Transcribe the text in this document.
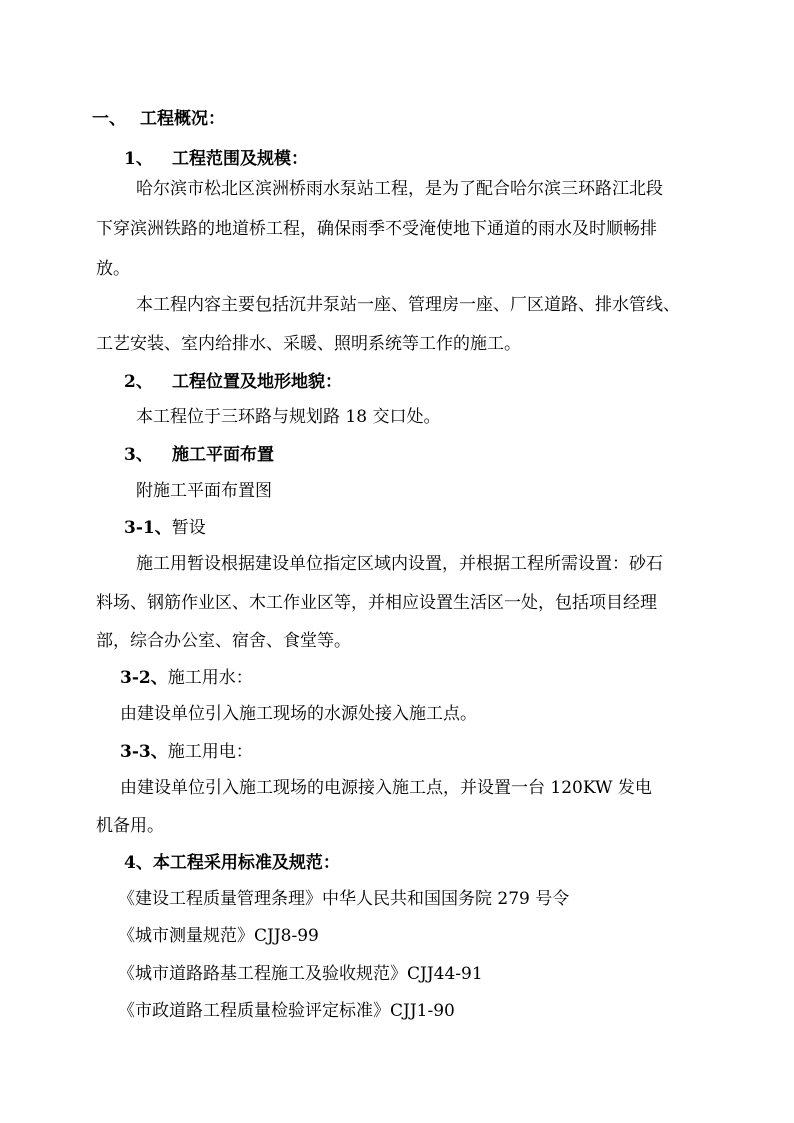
一、 工程概况：
1、 工程范围及规模：
哈尔滨市松北区滨洲桥雨水泵站工程，是为了配合哈尔滨三环路江北段
下穿滨洲铁路的地道桥工程，确保雨季不受淹使地下通道的雨水及时顺畅排
放。
本工程内容主要包括沉井泵站一座、管理房一座、厂区道路、排水管线、
工艺安装、室内给排水、采暖、照明系统等工作的施工。
2、 工程位置及地形地貌：
本工程位于三环路与规划路 18 交口处。
3、 施工平面布置
附施工平面布置图
3-1、暂设
施工用暂设根据建设单位指定区域内设置，并根据工程所需设置：砂石
料场、钢筋作业区、木工作业区等，并相应设置生活区一处，包括项目经理
部，综合办公室、宿舍、食堂等。
3-2、施工用水：
由建设单位引入施工现场的水源处接入施工点。
3-3、施工用电：
由建设单位引入施工现场的电源接入施工点，并设置一台 120KW 发电
机备用。
4、本工程采用标准及规范：
《建设工程质量管理条理》中华人民共和国国务院 279 号令
《城市测量规范》CJJ8-99
《城市道路路基工程施工及验收规范》CJJ44-91
《市政道路工程质量检验评定标准》CJJ1-90
